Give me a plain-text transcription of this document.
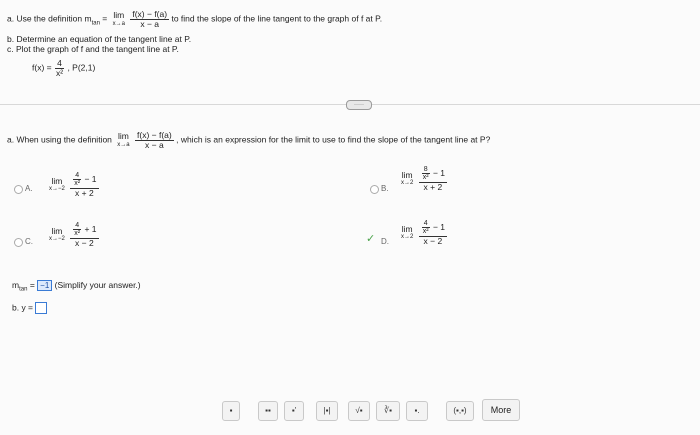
a. Use the definition $m_{tan} = \lim$
x→a
$\frac{f(x) - f(a)}{x - a}$ to find the slope of the line tangent to the graph of f at P.
b. Determine an equation of the tangent line at P.
c. Plot the graph of f and the tangent line at P.
$f(x) = \frac{4}{\text{x²}}$ , P(2,1)
·····
a. When using the definition lim
x→a
$\frac{f(x) - f(a)}{x - a}$ , which is an expression for the limit to use to find the slope of the tangent line at P?
A.
lim
x→−2
$\frac{\frac{4}{\text{x²}} - 1}{x + 2}$	B.
lim
x→2
$\frac{\frac{8}{\text{x²}} - 1}{x + 2}$
C.
lim
x→−2
$\frac{\frac{4}{\text{x²}} + 1}{x - 2}$	✓ D.
lim
x→2
$\frac{\frac{4}{\text{x²}} - 1}{x - 2}$
$m_{tan} = -1$ (Simplify your answer.)
b. y =
▪	▪▪	▪'	|▪|	√▪	∛▪	▪.	(▪,▪)	More
